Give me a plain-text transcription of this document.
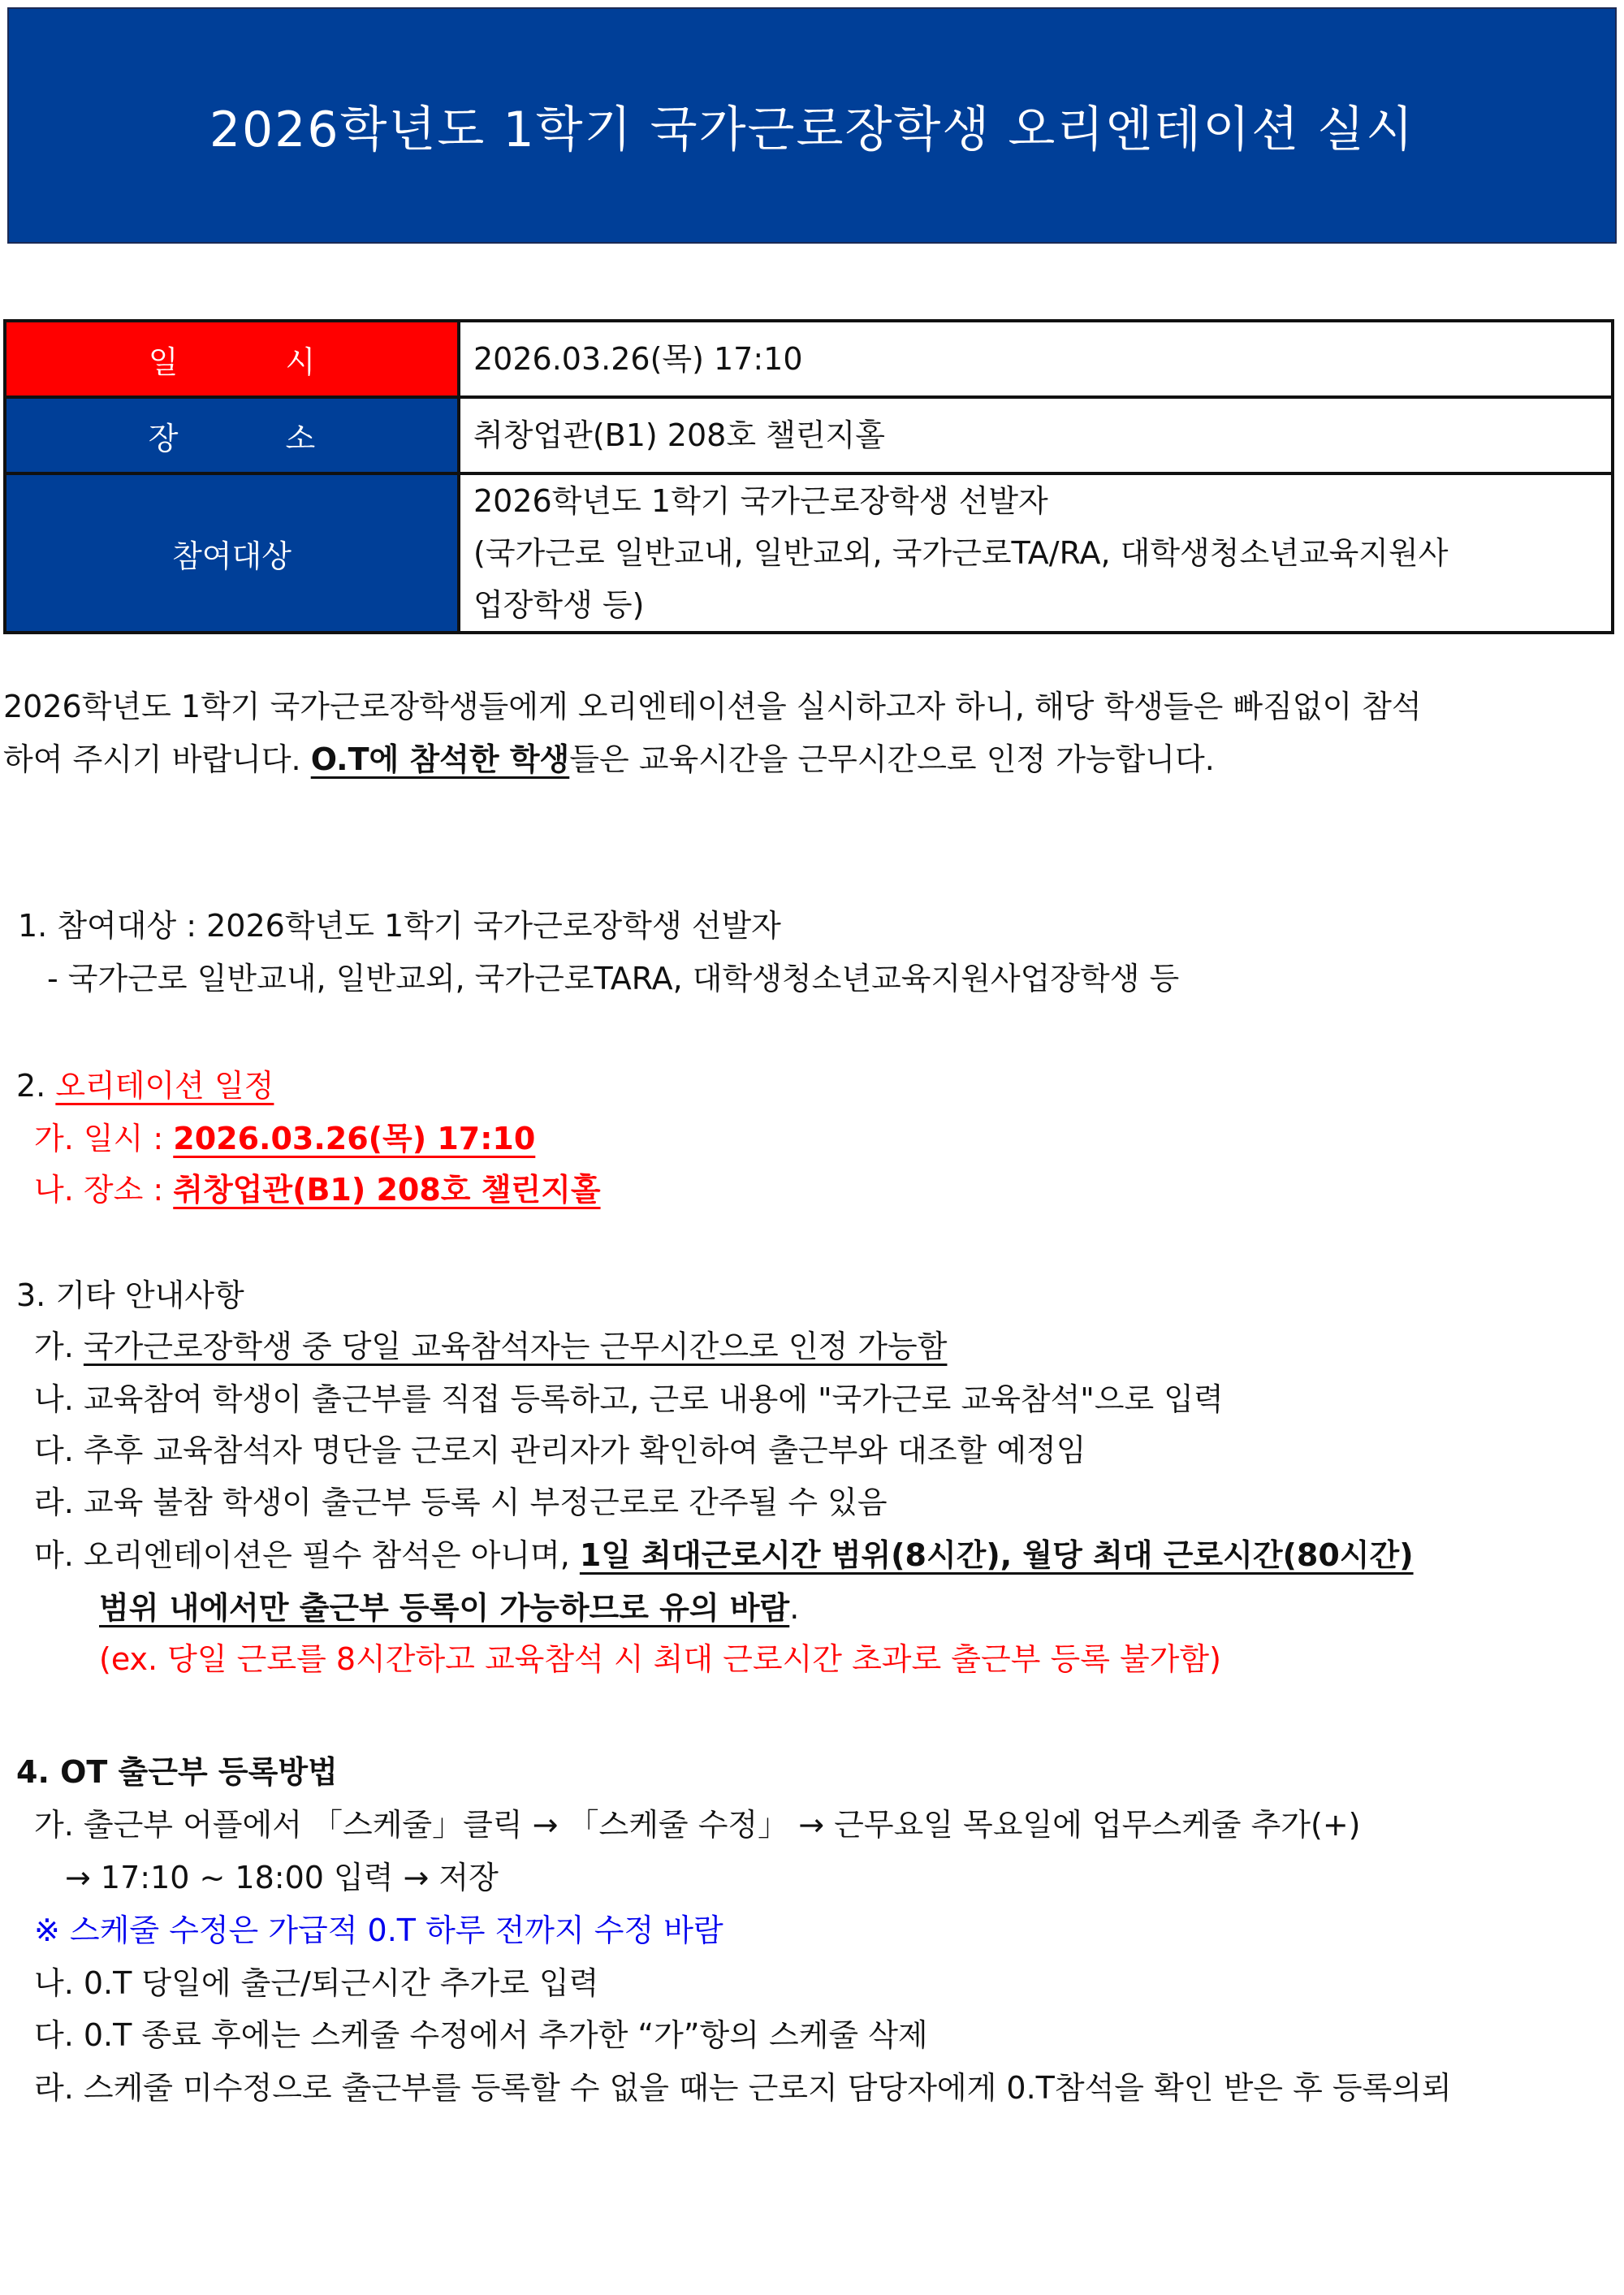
2026학년도 1학기 국가근로장학생 오리엔테이션 실시
일 시	2026.03.26(목) 17:10
장 소	취창업관(B1) 208호 챌린지홀
참여대상	2026학년도 1학기 국가근로장학생 선발자
(국가근로 일반교내, 일반교외, 국가근로TA/RA, 대학생청소년교육지원사
업장학생 등)
2026학년도 1학기 국가근로장학생들에게 오리엔테이션을 실시하고자 하니, 해당 학생들은 빠짐없이 참석
하여 주시기 바랍니다. O.T에 참석한 학생들은 교육시간을 근무시간으로 인정 가능합니다.
1. 참여대상 : 2026학년도 1학기 국가근로장학생 선발자
- 국가근로 일반교내, 일반교외, 국가근로TARA, 대학생청소년교육지원사업장학생 등
2. 오리테이션 일정
가. 일시 : 2026.03.26(목) 17:10
나. 장소 : 취창업관(B1) 208호 챌린지홀
3. 기타 안내사항
가. 국가근로장학생 중 당일 교육참석자는 근무시간으로 인정 가능함
나. 교육참여 학생이 출근부를 직접 등록하고, 근로 내용에 "국가근로 교육참석"으로 입력
다. 추후 교육참석자 명단을 근로지 관리자가 확인하여 출근부와 대조할 예정임
라. 교육 불참 학생이 출근부 등록 시 부정근로로 간주될 수 있음
마. 오리엔테이션은 필수 참석은 아니며, 1일 최대근로시간 범위(8시간), 월당 최대 근로시간(80시간)
범위 내에서만 출근부 등록이 가능하므로 유의 바람.
(ex. 당일 근로를 8시간하고 교육참석 시 최대 근로시간 초과로 출근부 등록 불가함)
4. OT 출근부 등록방법
가. 출근부 어플에서 「스케줄」클릭 → 「스케줄 수정」 → 근무요일 목요일에 업무스케줄 추가(+)
→ 17:10 ~ 18:00 입력 → 저장
※ 스케줄 수정은 가급적 0.T 하루 전까지 수정 바람
나. 0.T 당일에 출근/퇴근시간 추가로 입력
다. 0.T 종료 후에는 스케줄 수정에서 추가한 “가”항의 스케줄 삭제
라. 스케줄 미수정으로 출근부를 등록할 수 없을 때는 근로지 담당자에게 0.T참석을 확인 받은 후 등록의뢰
